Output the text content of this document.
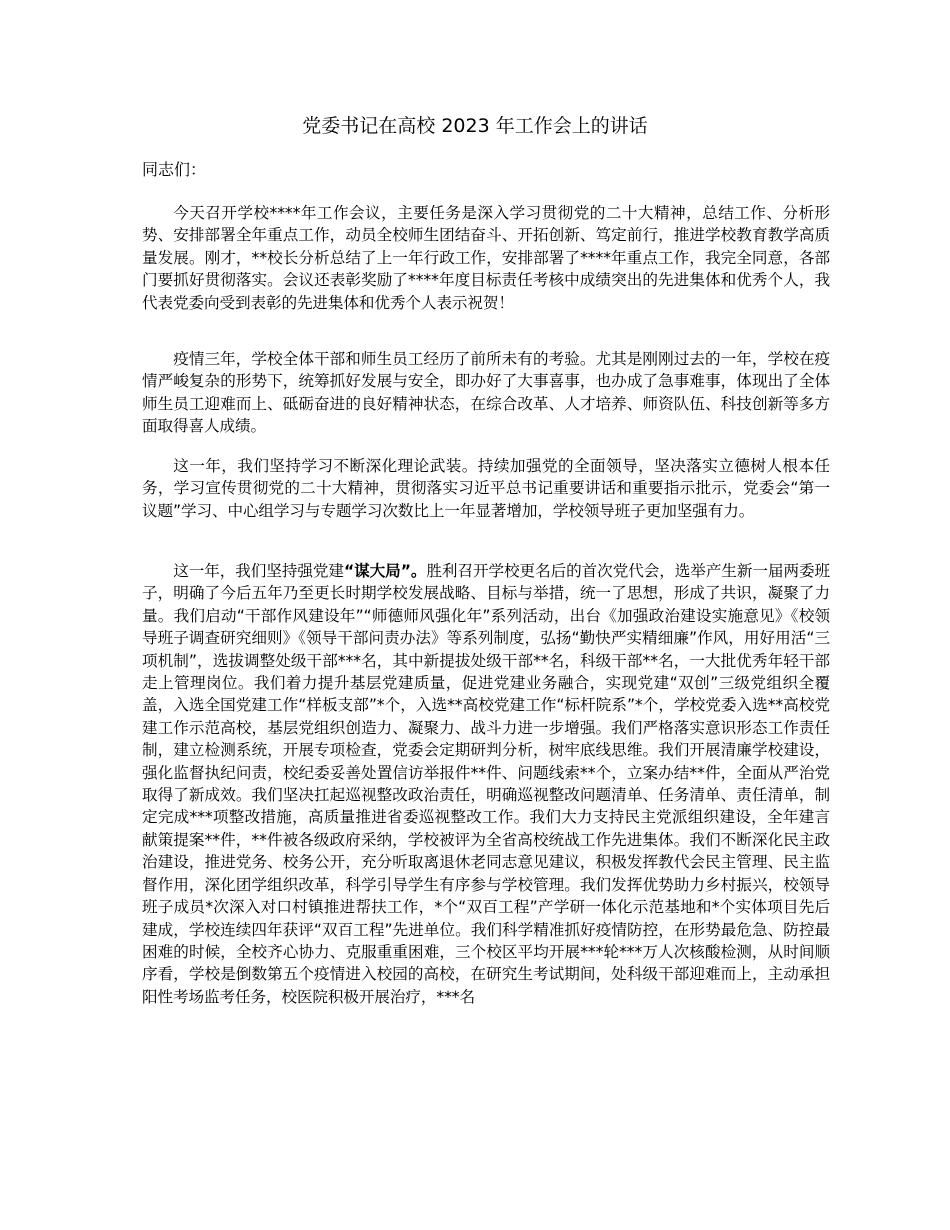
党委书记在高校 2023 年工作会上的讲话

同志们：

今天召开学校****年工作会议，主要任务是深入学习贯彻党的二十大精神，总结工作、分析形势、安排部署全年重点工作，动员全校师生团结奋斗、开拓创新、笃定前行，推进学校教育教学高质量发展。刚才，**校长分析总结了上一年行政工作，安排部署了****年重点工作，我完全同意，各部门要抓好贯彻落实。会议还表彰奖励了****年度目标责任考核中成绩突出的先进集体和优秀个人，我代表党委向受到表彰的先进集体和优秀个人表示祝贺！

疫情三年，学校全体干部和师生员工经历了前所未有的考验。尤其是刚刚过去的一年，学校在疫情严峻复杂的形势下，统筹抓好发展与安全，即办好了大事喜事，也办成了急事难事，体现出了全体师生员工迎难而上、砥砺奋进的良好精神状态，在综合改革、人才培养、师资队伍、科技创新等多方面取得喜人成绩。

这一年，我们坚持学习不断深化理论武装。持续加强党的全面领导，坚决落实立德树人根本任务，学习宣传贯彻党的二十大精神，贯彻落实习近平总书记重要讲话和重要指示批示，党委会“第一议题”学习、中心组学习与专题学习次数比上一年显著增加，学校领导班子更加坚强有力。

这一年，我们坚持强党建“谋大局”。胜利召开学校更名后的首次党代会，选举产生新一届两委班子，明确了今后五年乃至更长时期学校发展战略、目标与举措，统一了思想，形成了共识，凝聚了力量。我们启动“干部作风建设年”“师德师风强化年”系列活动，出台《加强政治建设实施意见》《校领导班子调查研究细则》《领导干部问责办法》等系列制度，弘扬“勤快严实精细廉”作风，用好用活“三项机制”，选拔调整处级干部***名，其中新提拔处级干部**名，科级干部**名，一大批优秀年轻干部走上管理岗位。我们着力提升基层党建质量，促进党建业务融合，实现党建“双创”三级党组织全覆盖，入选全国党建工作“样板支部”*个，入选**高校党建工作“标杆院系”*个，学校党委入选**高校党建工作示范高校，基层党组织创造力、凝聚力、战斗力进一步增强。我们严格落实意识形态工作责任制，建立检测系统，开展专项检查，党委会定期研判分析，树牢底线思维。我们开展清廉学校建设，强化监督执纪问责，校纪委妥善处置信访举报件**件、问题线索**个，立案办结**件，全面从严治党取得了新成效。我们坚决扛起巡视整改政治责任，明确巡视整改问题清单、任务清单、责任清单，制定完成***项整改措施，高质量推进省委巡视整改工作。我们大力支持民主党派组织建设，全年建言献策提案**件，**件被各级政府采纳，学校被评为全省高校统战工作先进集体。我们不断深化民主政治建设，推进党务、校务公开，充分听取离退休老同志意见建议，积极发挥教代会民主管理、民主监督作用，深化团学组织改革，科学引导学生有序参与学校管理。我们发挥优势助力乡村振兴，校领导班子成员*次深入对口村镇推进帮扶工作，*个“双百工程”产学研一体化示范基地和*个实体项目先后建成，学校连续四年获评“双百工程”先进单位。我们科学精准抓好疫情防控，在形势最危急、防控最困难的时候，全校齐心协力、克服重重困难，三个校区平均开展***轮***万人次核酸检测，从时间顺序看，学校是倒数第五个疫情进入校园的高校，在研究生考试期间，处科级干部迎难而上，主动承担阳性考场监考任务，校医院积极开展治疗，***名
